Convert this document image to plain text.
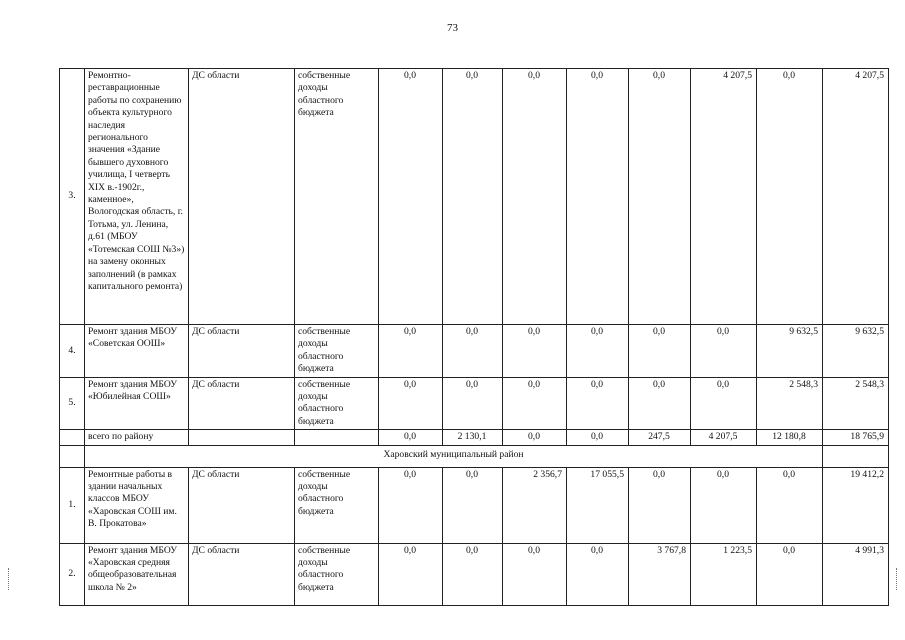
73
3.	Ремонтно-реставрационные работы по сохранению объекта культурного наследия регионального значения «Здание бывшего духовного училища, I четверть XIX в.-1902г., каменное», Вологодская область, г. Тотьма, ул. Ленина, д.61 (МБОУ «Тотемская СОШ №3») на замену оконных заполнений (в рамках капитального ремонта)	ДС области	собственные доходы областного бюджета	0,0	0,0	0,0	0,0	0,0	4 207,5	0,0	4 207,5
4.	Ремонт здания МБОУ «Советская ООШ»	ДС области	собственные доходы областного бюджета	0,0	0,0	0,0	0,0	0,0	0,0	9 632,5	9 632,5
5.	Ремонт здания МБОУ «Юбилейная СОШ»	ДС области	собственные доходы областного бюджета	0,0	0,0	0,0	0,0	0,0	0,0	2 548,3	2 548,3
	всего по району			0,0	2 130,1	0,0	0,0	247,5	4 207,5	12 180,8	18 765,9
	Харовский муниципальный район										
1.	Ремонтные работы в здании начальных классов МБОУ «Харовская СОШ им. В. Прокатова»	ДС области	собственные доходы областного бюджета	0,0	0,0	2 356,7	17 055,5	0,0	0,0	0,0	19 412,2
2.	Ремонт здания МБОУ «Харовская средняя общеобразовательная школа № 2»	ДС области	собственные доходы областного бюджета	0,0	0,0	0,0	0,0	3 767,8	1 223,5	0,0	4 991,3
